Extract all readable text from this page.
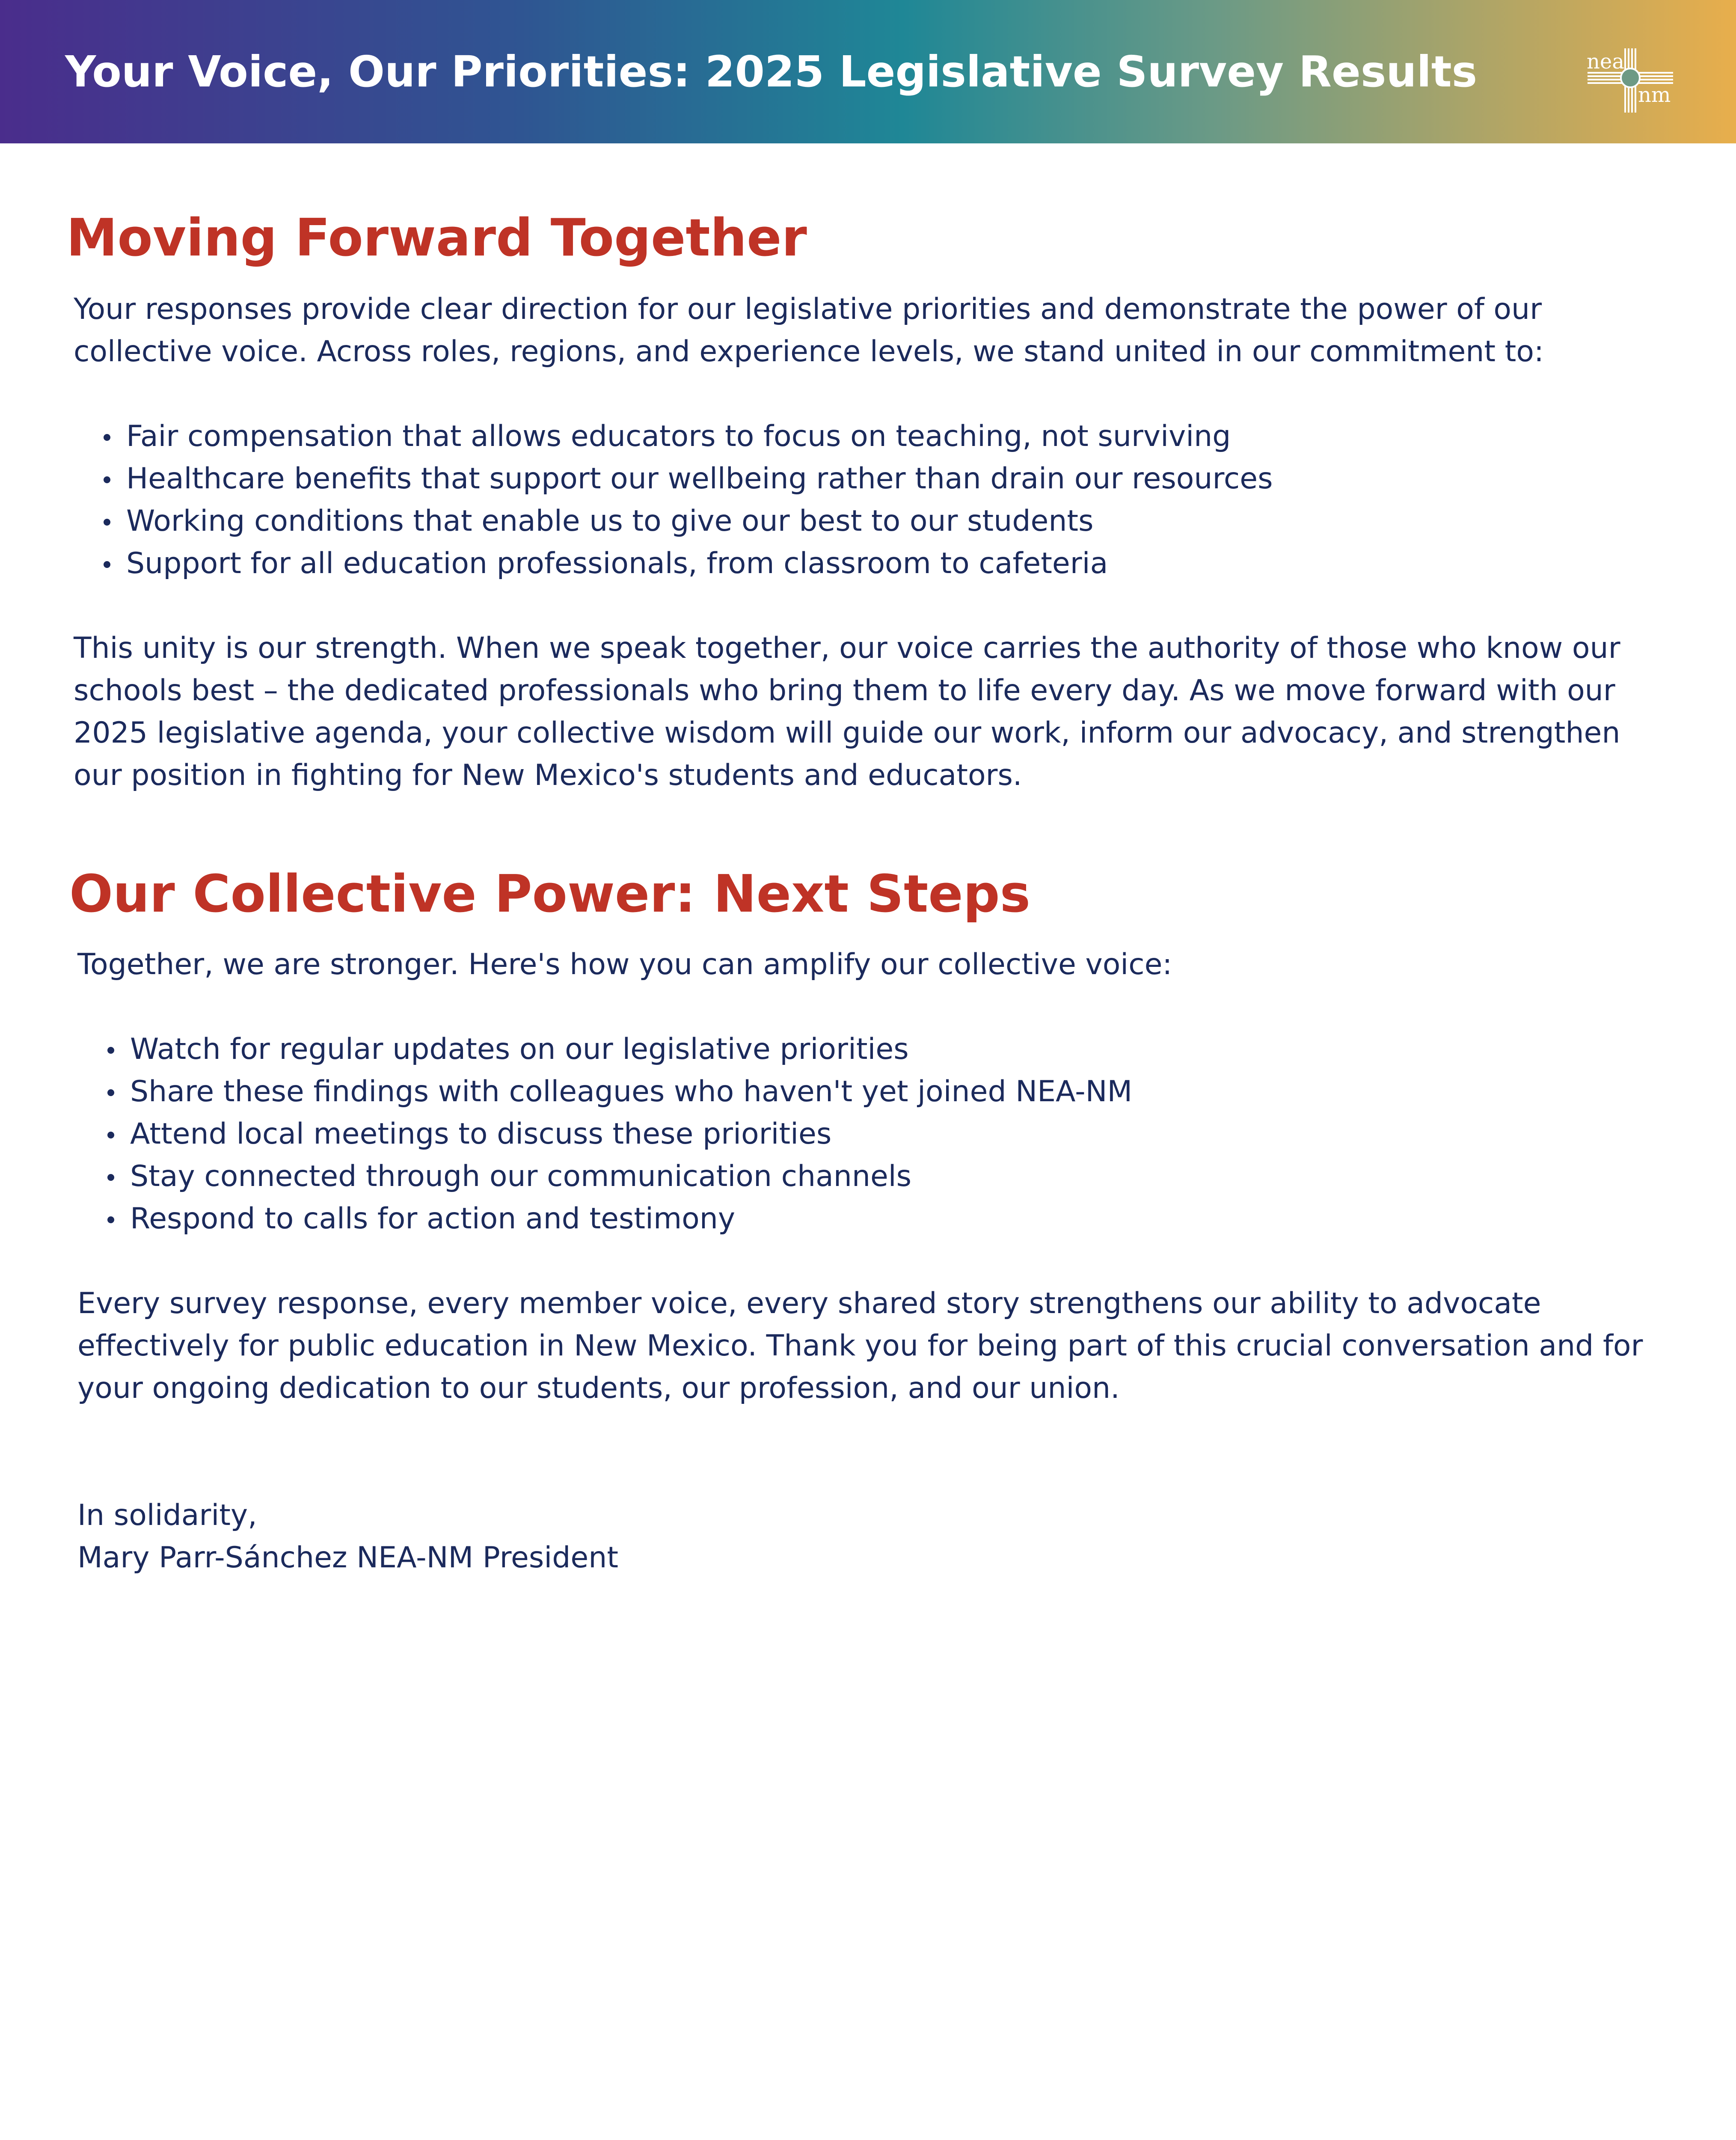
Your Voice, Our Priorities: 2025 Legislative Survey Results	nea
nm
Moving Forward Together

Your responses provide clear direction for our legislative priorities and demonstrate the power of our collective voice. Across roles, regions, and experience levels, we stand united in our commitment to:

Fair compensation that allows educators to focus on teaching, not surviving
Healthcare benefits that support our wellbeing rather than drain our resources
Working conditions that enable us to give our best to our students
Support for all education professionals, from classroom to cafeteria

This unity is our strength. When we speak together, our voice carries the authority of those who know our schools best – the dedicated professionals who bring them to life every day. As we move forward with our 2025 legislative agenda, your collective wisdom will guide our work, inform our advocacy, and strengthen our position in fighting for New Mexico's students and educators.

Our Collective Power: Next Steps

Together, we are stronger. Here's how you can amplify our collective voice:

Watch for regular updates on our legislative priorities
Share these findings with colleagues who haven't yet joined NEA-NM
Attend local meetings to discuss these priorities
Stay connected through our communication channels
Respond to calls for action and testimony

Every survey response, every member voice, every shared story strengthens our ability to advocate effectively for public education in New Mexico. Thank you for being part of this crucial conversation and for your ongoing dedication to our students, our profession, and our union.

In solidarity,

Mary Parr-Sánchez NEA-NM President
